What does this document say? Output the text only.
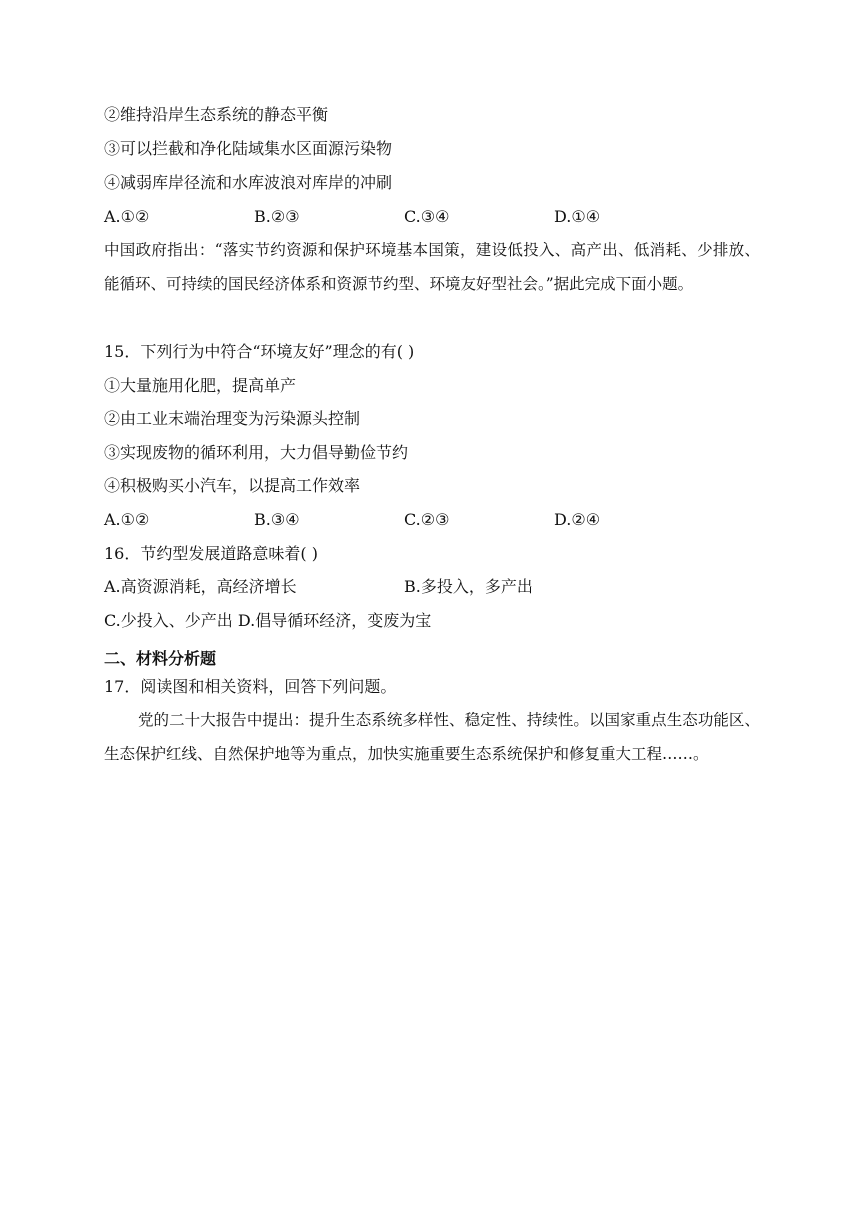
②维持沿岸生态系统的静态平衡
③可以拦截和净化陆域集水区面源污染物
④减弱库岸径流和水库波浪对库岸的冲刷
A.①②	B.②③	C.③④	D.①④
中国政府指出：“落实节约资源和保护环境基本国策，建设低投入、高产出、低消耗、少排放、能循环、可持续的国民经济体系和资源节约型、环境友好型社会。”据此完成下面小题。
15．下列行为中符合“环境友好”理念的有( )
①大量施用化肥，提高单产
②由工业末端治理变为污染源头控制
③实现废物的循环利用，大力倡导勤俭节约
④积极购买小汽车，以提高工作效率
A.①②	B.③④	C.②③	D.②④
16．节约型发展道路意味着( )
A.高资源消耗，高经济增长	B.多投入，多产出
C.少投入、少产出 D.倡导循环经济，变废为宝
二、材料分析题
17．阅读图和相关资料，回答下列问题。
党的二十大报告中提出：提升生态系统多样性、稳定性、持续性。以国家重点生态功能区、生态保护红线、自然保护地等为重点，加快实施重要生态系统保护和修复重大工程……。
